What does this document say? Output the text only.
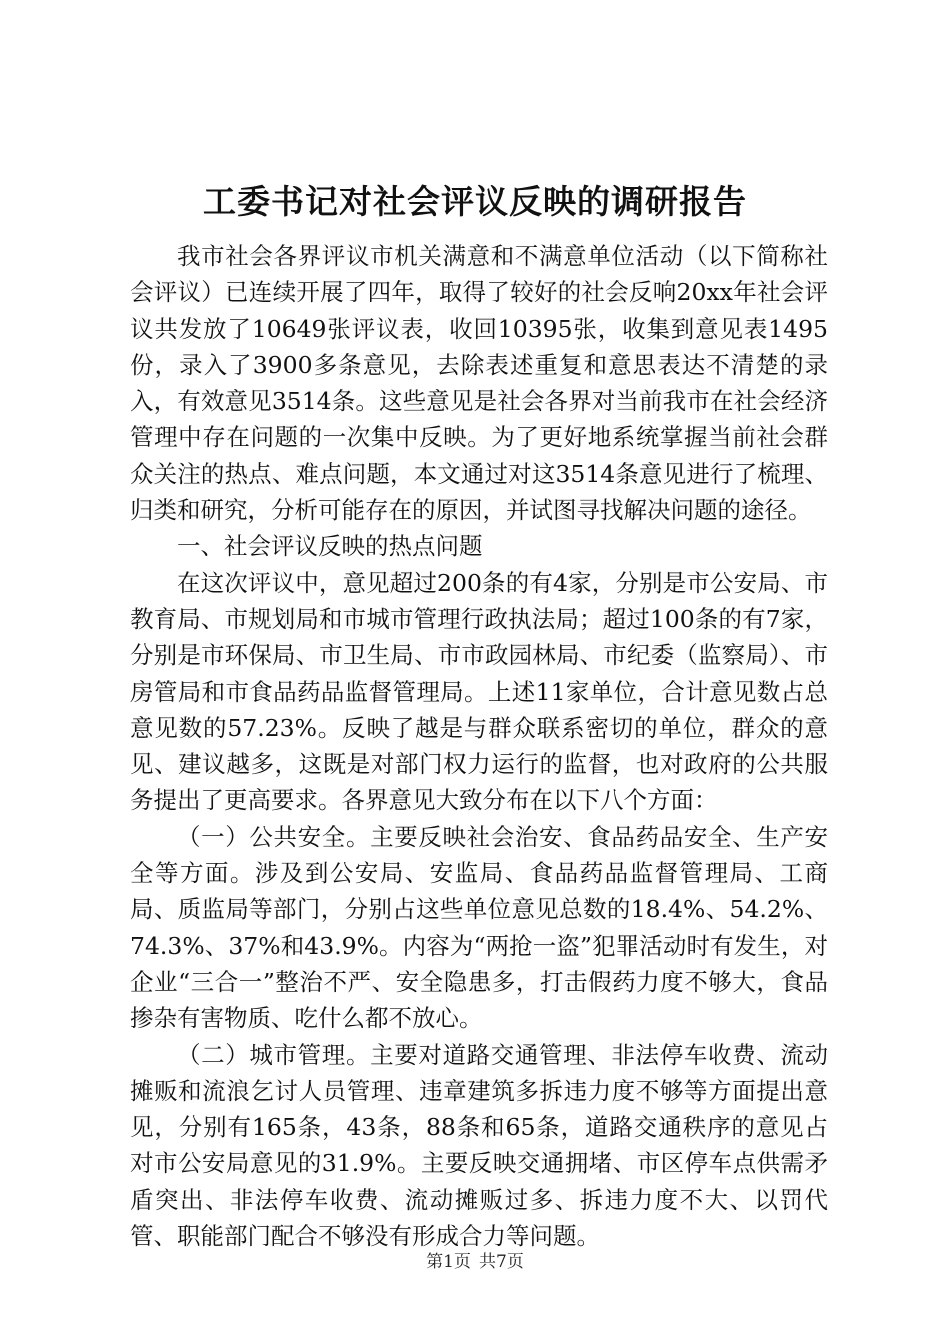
工委书记对社会评议反映的调研报告

我市社会各界评议市机关满意和不满意单位活动（以下简称社会评议）已连续开展了四年，取得了较好的社会反响20xx年社会评议共发放了10649张评议表，收回10395张，收集到意见表1495份，录入了3900多条意见，去除表述重复和意思表达不清楚的录入，有效意见3514条。这些意见是社会各界对当前我市在社会经济管理中存在问题的一次集中反映。为了更好地系统掌握当前社会群众关注的热点、难点问题，本文通过对这3514条意见进行了梳理、归类和研究，分析可能存在的原因，并试图寻找解决问题的途径。

一、社会评议反映的热点问题

在这次评议中，意见超过200条的有4家，分别是市公安局、市教育局、市规划局和市城市管理行政执法局；超过100条的有7家，分别是市环保局、市卫生局、市市政园林局、市纪委（监察局）、市房管局和市食品药品监督管理局。上述11家单位，合计意见数占总意见数的57.23%。反映了越是与群众联系密切的单位，群众的意见、建议越多，这既是对部门权力运行的监督，也对政府的公共服务提出了更高要求。各界意见大致分布在以下八个方面：

（一）公共安全。主要反映社会治安、食品药品安全、生产安全等方面。涉及到公安局、安监局、食品药品监督管理局、工商局、质监局等部门，分别占这些单位意见总数的18.4%、54.2%、74.3%、37%和43.9%。内容为“两抢一盗”犯罪活动时有发生，对企业“三合一”整治不严、安全隐患多，打击假药力度不够大，食品掺杂有害物质、吃什么都不放心。

（二）城市管理。主要对道路交通管理、非法停车收费、流动摊贩和流浪乞讨人员管理、违章建筑多拆违力度不够等方面提出意见，分别有165条，43条，88条和65条，道路交通秩序的意见占对市公安局意见的31.9%。主要反映交通拥堵、市区停车点供需矛盾突出、非法停车收费、流动摊贩过多、拆违力度不大、以罚代管、职能部门配合不够没有形成合力等问题。

第1页 共7页
